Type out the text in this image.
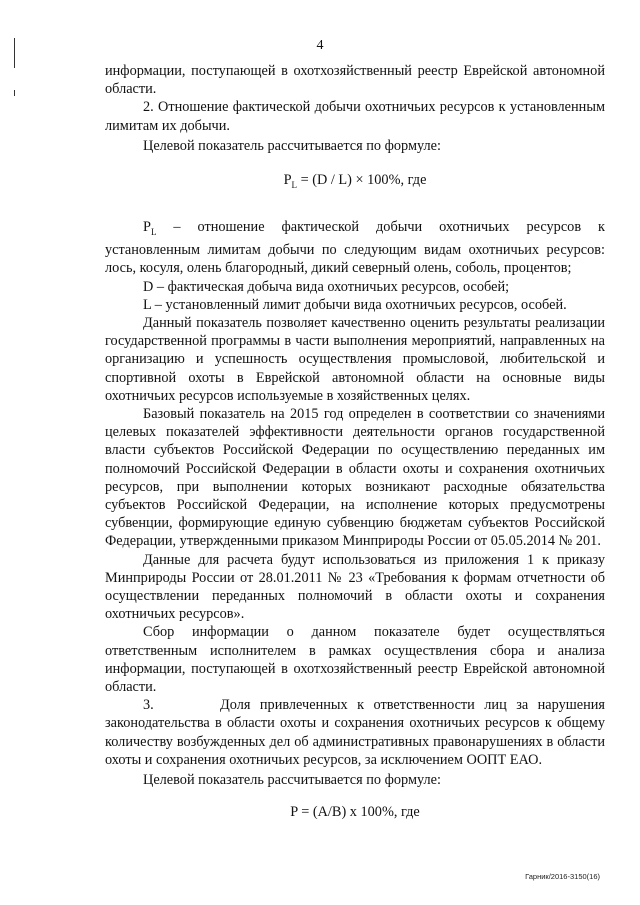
4

информации, поступающей в охотхозяйственный реестр Еврейской автономной области.

2. Отношение фактической добычи охотничьих ресурсов к установленным лимитам их добычи.

Целевой показатель рассчитывается по формуле:

$P_L = (D / L) \times 100\%$, где

$P_L$ – отношение фактической добычи охотничьих ресурсов к установленным лимитам добычи по следующим видам охотничьих ресурсов: лось, косуля, олень благородный, дикий северный олень, соболь, процентов;

D – фактическая добыча вида охотничьих ресурсов, особей;

L – установленный лимит добычи вида охотничьих ресурсов, особей.

Данный показатель позволяет качественно оценить результаты реализации государственной программы в части выполнения мероприятий, направленных на организацию и успешность осуществления промысловой, любительской и спортивной охоты в Еврейской автономной области на основные виды охотничьих ресурсов используемые в хозяйственных целях.

Базовый показатель на 2015 год определен в соответствии со значениями целевых показателей эффективности деятельности органов государственной власти субъектов Российской Федерации по осуществлению переданных им полномочий Российской Федерации в области охоты и сохранения охотничьих ресурсов, при выполнении которых возникают расходные обязательства субъектов Российской Федерации, на исполнение которых предусмотрены субвенции, формирующие единую субвенцию бюджетам субъектов Российской Федерации, утвержденными приказом Минприроды России от 05.05.2014 № 201.

Данные для расчета будут использоваться из приложения 1 к приказу Минприроды России от 28.01.2011 № 23 «Требования к формам отчетности об осуществлении переданных полномочий в области охоты и сохранения охотничьих ресурсов».

Сбор информации о данном показателе будет осуществляться ответственным исполнителем в рамках осуществления сбора и анализа информации, поступающей в охотхозяйственный реестр Еврейской автономной области.

3.       Доля привлеченных к ответственности лиц за нарушения законодательства в области охоты и сохранения охотничьих ресурсов к общему количеству возбужденных дел об административных правонарушениях в области охоты и сохранения охотничьих ресурсов, за исключением ООПТ ЕАО.

Целевой показатель рассчитывается по формуле:

P = (A/B) х 100%, где

Гарник/2016-3150(16)
